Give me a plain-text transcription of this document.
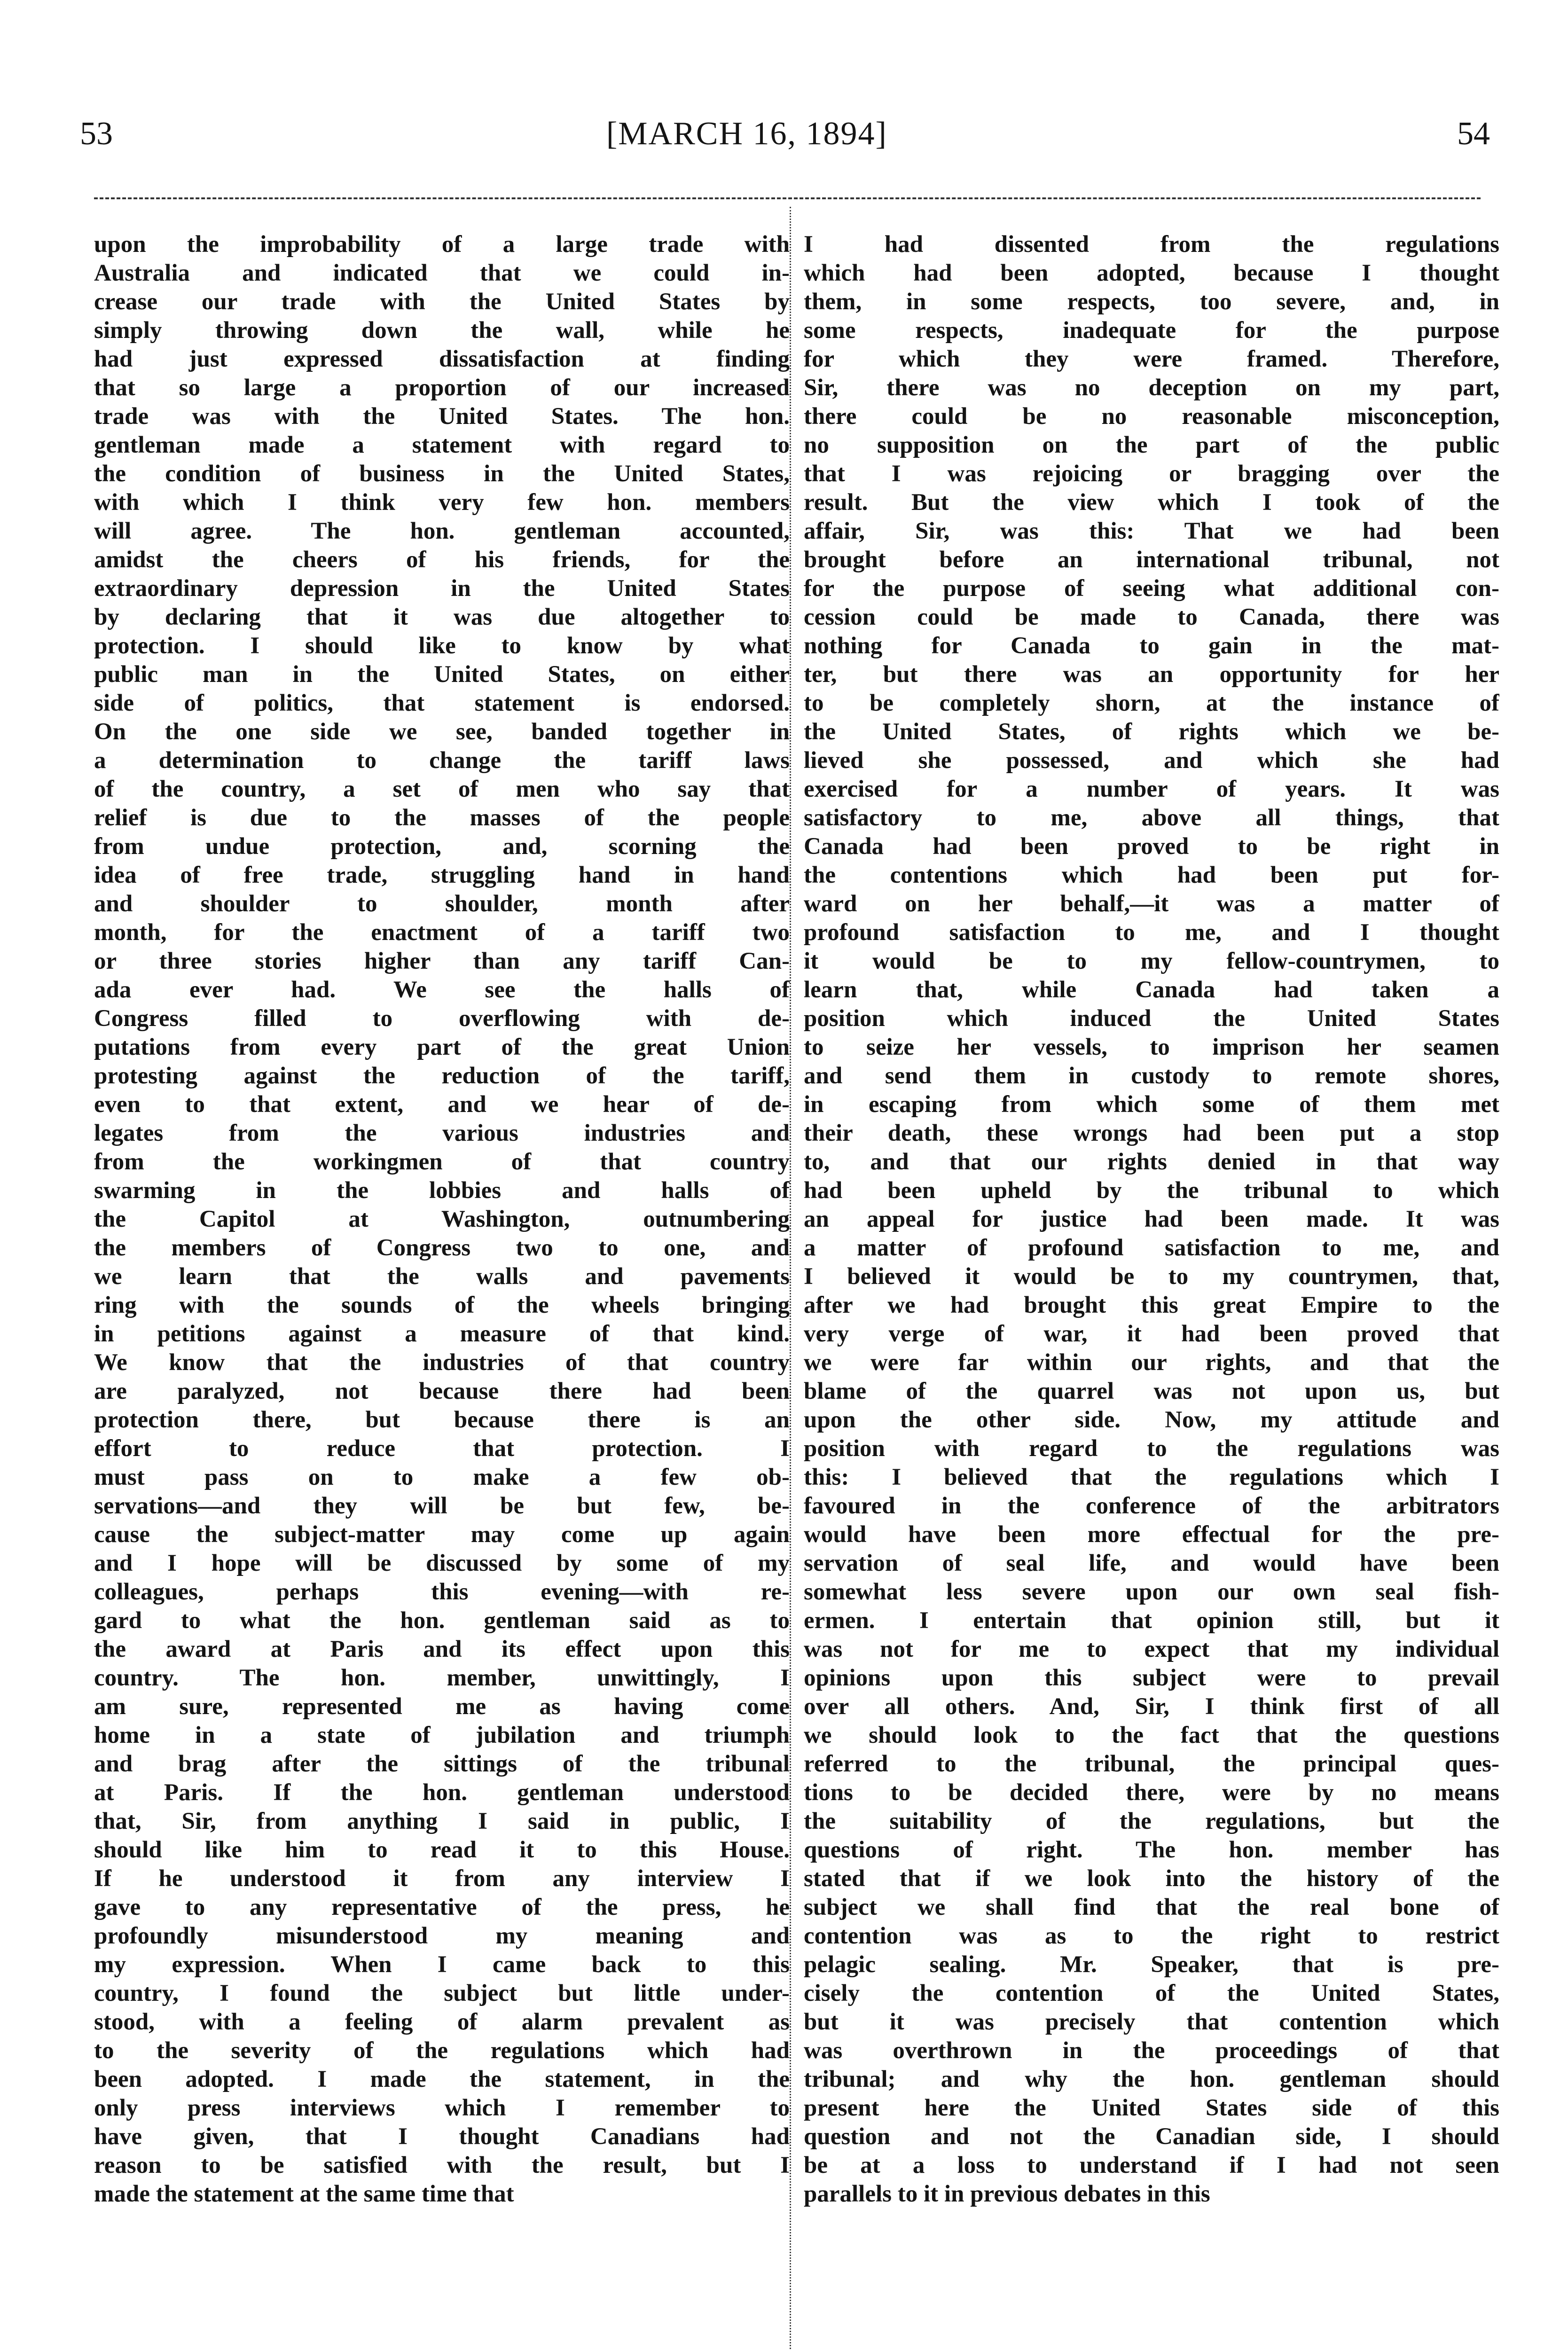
53	[MARCH 16, 1894]	54
upon the improbability of a large trade with
Australia and indicated that we could in-
crease our trade with the United States by
simply throwing down the wall, while he
had just expressed dissatisfaction at finding
that so large a proportion of our increased
trade was with the United States. The hon.
gentleman made a statement with regard to
the condition of business in the United States,
with which I think very few hon. members
will agree. The hon. gentleman accounted,
amidst the cheers of his friends, for the
extraordinary depression in the United States
by declaring that it was due altogether to
protection. I should like to know by what
public man in the United States, on either
side of politics, that statement is endorsed.
On the one side we see, banded together in
a determination to change the tariff laws
of the country, a set of men who say that
relief is due to the masses of the people
from undue protection, and, scorning the
idea of free trade, struggling hand in hand
and shoulder to shoulder, month after
month, for the enactment of a tariff two
or three stories higher than any tariff Can-
ada ever had. We see the halls of
Congress filled to overflowing with de-
putations from every part of the great Union
protesting against the reduction of the tariff,
even to that extent, and we hear of de-
legates from the various industries and
from the workingmen of that country
swarming in the lobbies and halls of
the Capitol at Washington, outnumbering
the members of Congress two to one, and
we learn that the walls and pavements
ring with the sounds of the wheels bringing
in petitions against a measure of that kind.
We know that the industries of that country
are paralyzed, not because there had been
protection there, but because there is an
effort to reduce that protection. I
must pass on to make a few ob-
servations—and they will be but few, be-
cause the subject-matter may come up again
and I hope will be discussed by some of my
colleagues, perhaps this evening—with re-
gard to what the hon. gentleman said as to
the award at Paris and its effect upon this
country. The hon. member, unwittingly, I
am sure, represented me as having come
home in a state of jubilation and triumph
and brag after the sittings of the tribunal
at Paris. If the hon. gentleman understood
that, Sir, from anything I said in public, I
should like him to read it to this House.
If he understood it from any interview I
gave to any representative of the press, he
profoundly misunderstood my meaning and
my expression. When I came back to this
country, I found the subject but little under-
stood, with a feeling of alarm prevalent as
to the severity of the regulations which had
been adopted. I made the statement, in the
only press interviews which I remember to
have given, that I thought Canadians had
reason to be satisfied with the result, but I
made the statement at the same time that
I had dissented from the regulations
which had been adopted, because I thought
them, in some respects, too severe, and, in
some respects, inadequate for the purpose
for which they were framed. Therefore,
Sir, there was no deception on my part,
there could be no reasonable misconception,
no supposition on the part of the public
that I was rejoicing or bragging over the
result. But the view which I took of the
affair, Sir, was this: That we had been
brought before an international tribunal, not
for the purpose of seeing what additional con-
cession could be made to Canada, there was
nothing for Canada to gain in the mat-
ter, but there was an opportunity for her
to be completely shorn, at the instance of
the United States, of rights which we be-
lieved she possessed, and which she had
exercised for a number of years. It was
satisfactory to me, above all things, that
Canada had been proved to be right in
the contentions which had been put for-
ward on her behalf,—it was a matter of
profound satisfaction to me, and I thought
it would be to my fellow-countrymen, to
learn that, while Canada had taken a
position which induced the United States
to seize her vessels, to imprison her seamen
and send them in custody to remote shores,
in escaping from which some of them met
their death, these wrongs had been put a stop
to, and that our rights denied in that way
had been upheld by the tribunal to which
an appeal for justice had been made. It was
a matter of profound satisfaction to me, and
I believed it would be to my countrymen, that,
after we had brought this great Empire to the
very verge of war, it had been proved that
we were far within our rights, and that the
blame of the quarrel was not upon us, but
upon the other side. Now, my attitude and
position with regard to the regulations was
this: I believed that the regulations which I
favoured in the conference of the arbitrators
would have been more effectual for the pre-
servation of seal life, and would have been
somewhat less severe upon our own seal fish-
ermen. I entertain that opinion still, but it
was not for me to expect that my individual
opinions upon this subject were to prevail
over all others. And, Sir, I think first of all
we should look to the fact that the questions
referred to the tribunal, the principal ques-
tions to be decided there, were by no means
the suitability of the regulations, but the
questions of right. The hon. member has
stated that if we look into the history of the
subject we shall find that the real bone of
contention was as to the right to restrict
pelagic sealing. Mr. Speaker, that is pre-
cisely the contention of the United States,
but it was precisely that contention which
was overthrown in the proceedings of that
tribunal; and why the hon. gentleman should
present here the United States side of this
question and not the Canadian side, I should
be at a loss to understand if I had not seen
parallels to it in previous debates in this
